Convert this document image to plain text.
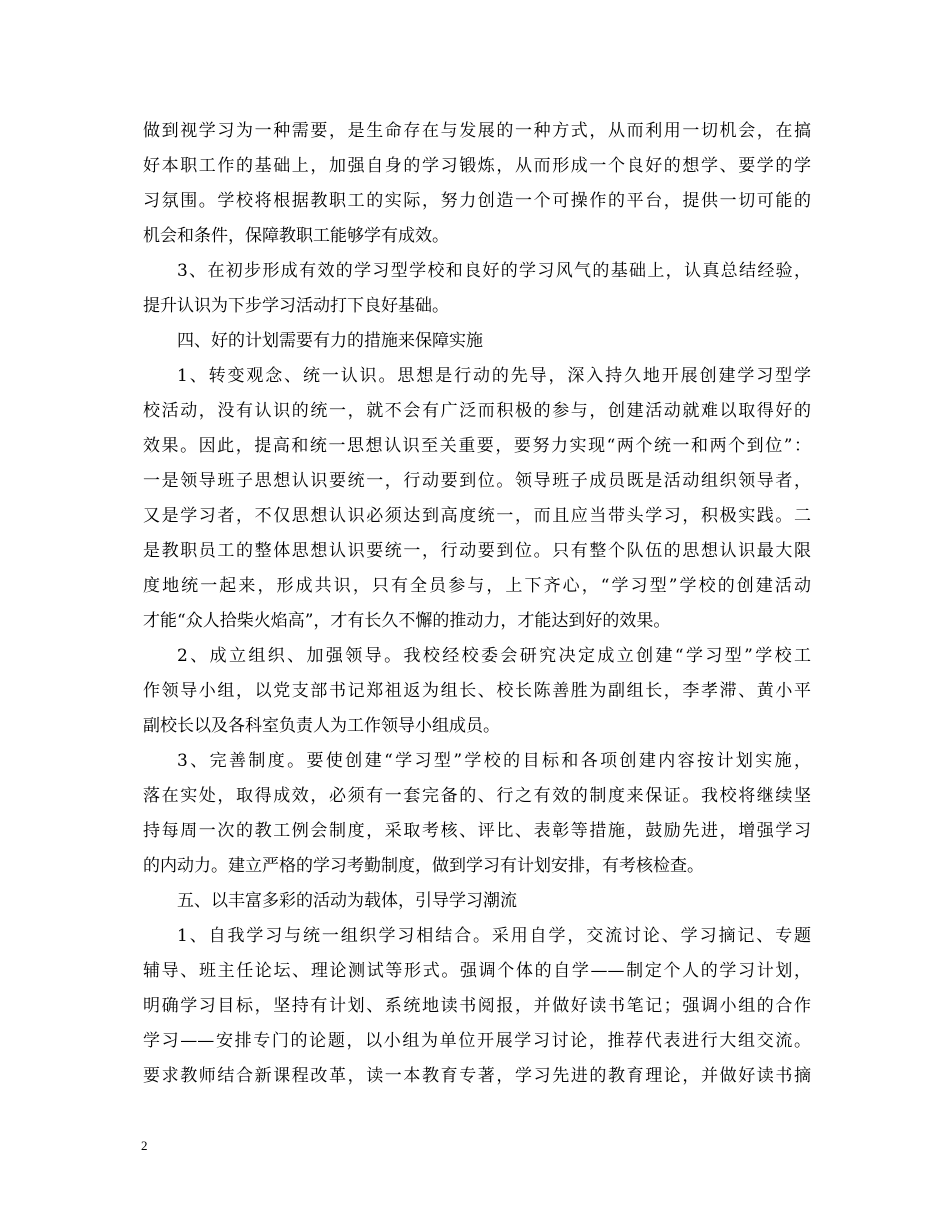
做到视学习为一种需要，是生命存在与发展的一种方式，从而利用一切机会，在搞
好本职工作的基础上，加强自身的学习锻炼，从而形成一个良好的想学、要学的学
习氛围。学校将根据教职工的实际，努力创造一个可操作的平台，提供一切可能的
机会和条件，保障教职工能够学有成效。
3、在初步形成有效的学习型学校和良好的学习风气的基础上，认真总结经验，
提升认识为下步学习活动打下良好基础。
四、好的计划需要有力的措施来保障实施
1、转变观念、统一认识。思想是行动的先导，深入持久地开展创建学习型学
校活动，没有认识的统一，就不会有广泛而积极的参与，创建活动就难以取得好的
效果。因此，提高和统一思想认识至关重要，要努力实现“两个统一和两个到位”：
一是领导班子思想认识要统一，行动要到位。领导班子成员既是活动组织领导者，
又是学习者，不仅思想认识必须达到高度统一，而且应当带头学习，积极实践。二
是教职员工的整体思想认识要统一，行动要到位。只有整个队伍的思想认识最大限
度地统一起来，形成共识，只有全员参与，上下齐心，“学习型”学校的创建活动
才能“众人拾柴火焰高”，才有长久不懈的推动力，才能达到好的效果。
2、成立组织、加强领导。我校经校委会研究决定成立创建“学习型”学校工
作领导小组，以党支部书记郑祖返为组长、校长陈善胜为副组长，李孝滞、黄小平
副校长以及各科室负责人为工作领导小组成员。
3、完善制度。要使创建“学习型”学校的目标和各项创建内容按计划实施，
落在实处，取得成效，必须有一套完备的、行之有效的制度来保证。我校将继续坚
持每周一次的教工例会制度，采取考核、评比、表彰等措施，鼓励先进，增强学习
的内动力。建立严格的学习考勤制度，做到学习有计划安排，有考核检查。
五、以丰富多彩的活动为载体，引导学习潮流
1、自我学习与统一组织学习相结合。采用自学，交流讨论、学习摘记、专题
辅导、班主任论坛、理论测试等形式。强调个体的自学——制定个人的学习计划，
明确学习目标，坚持有计划、系统地读书阅报，并做好读书笔记；强调小组的合作
学习——安排专门的论题，以小组为单位开展学习讨论，推荐代表进行大组交流。
要求教师结合新课程改革，读一本教育专著，学习先进的教育理论，并做好读书摘
2
